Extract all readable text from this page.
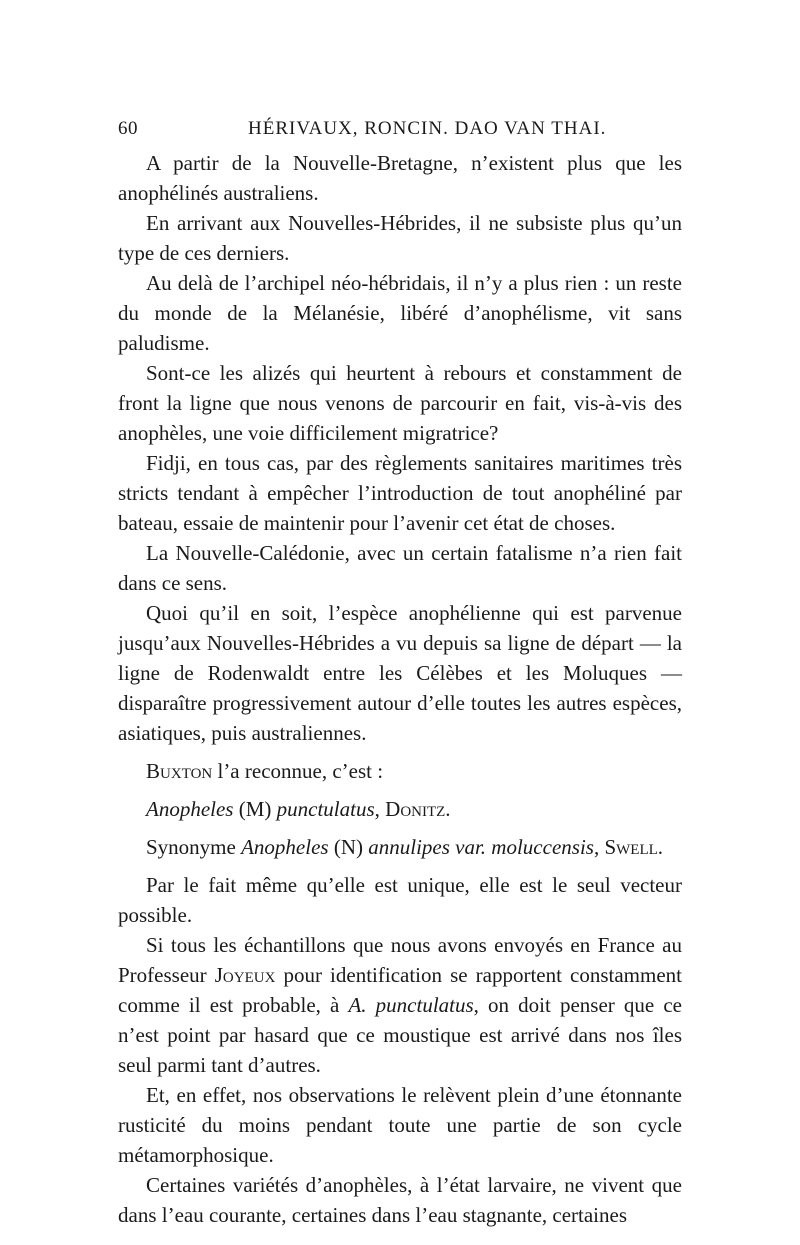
60	HÉRIVAUX, RONCIN. DAO VAN THAI.

A partir de la Nouvelle-Bretagne, n’existent plus que les anophélinés australiens.

En arrivant aux Nouvelles-Hébrides, il ne subsiste plus qu’un type de ces derniers.

Au delà de l’archipel néo-hébridais, il n’y a plus rien : un reste du monde de la Mélanésie, libéré d’anophélisme, vit sans paludisme.

Sont-ce les alizés qui heurtent à rebours et constamment de front la ligne que nous venons de parcourir en fait, vis-à-vis des anophèles, une voie difficilement migratrice?

Fidji, en tous cas, par des règlements sanitaires maritimes très stricts tendant à empêcher l’introduction de tout anophéliné par bateau, essaie de maintenir pour l’avenir cet état de choses.

La Nouvelle-Calédonie, avec un certain fatalisme n’a rien fait dans ce sens.

Quoi qu’il en soit, l’espèce anophélienne qui est parvenue jusqu’aux Nouvelles-Hébrides a vu depuis sa ligne de départ — la ligne de Rodenwaldt entre les Célèbes et les Moluques — disparaître progressivement autour d’elle toutes les autres espèces, asiatiques, puis australiennes.

Buxton l’a reconnue, c’est :

Anopheles (M) punctulatus, Donitz.

Synonyme Anopheles (N) annulipes var. moluccensis, Swell.

Par le fait même qu’elle est unique, elle est le seul vecteur possible.

Si tous les échantillons que nous avons envoyés en France au Professeur Joyeux pour identification se rapportent constamment comme il est probable, à A. punctulatus, on doit penser que ce n’est point par hasard que ce moustique est arrivé dans nos îles seul parmi tant d’autres.

Et, en effet, nos observations le relèvent plein d’une étonnante rusticité du moins pendant toute une partie de son cycle métamorphosique.

Certaines variétés d’anophèles, à l’état larvaire, ne vivent que dans l’eau courante, certaines dans l’eau stagnante, certaines
